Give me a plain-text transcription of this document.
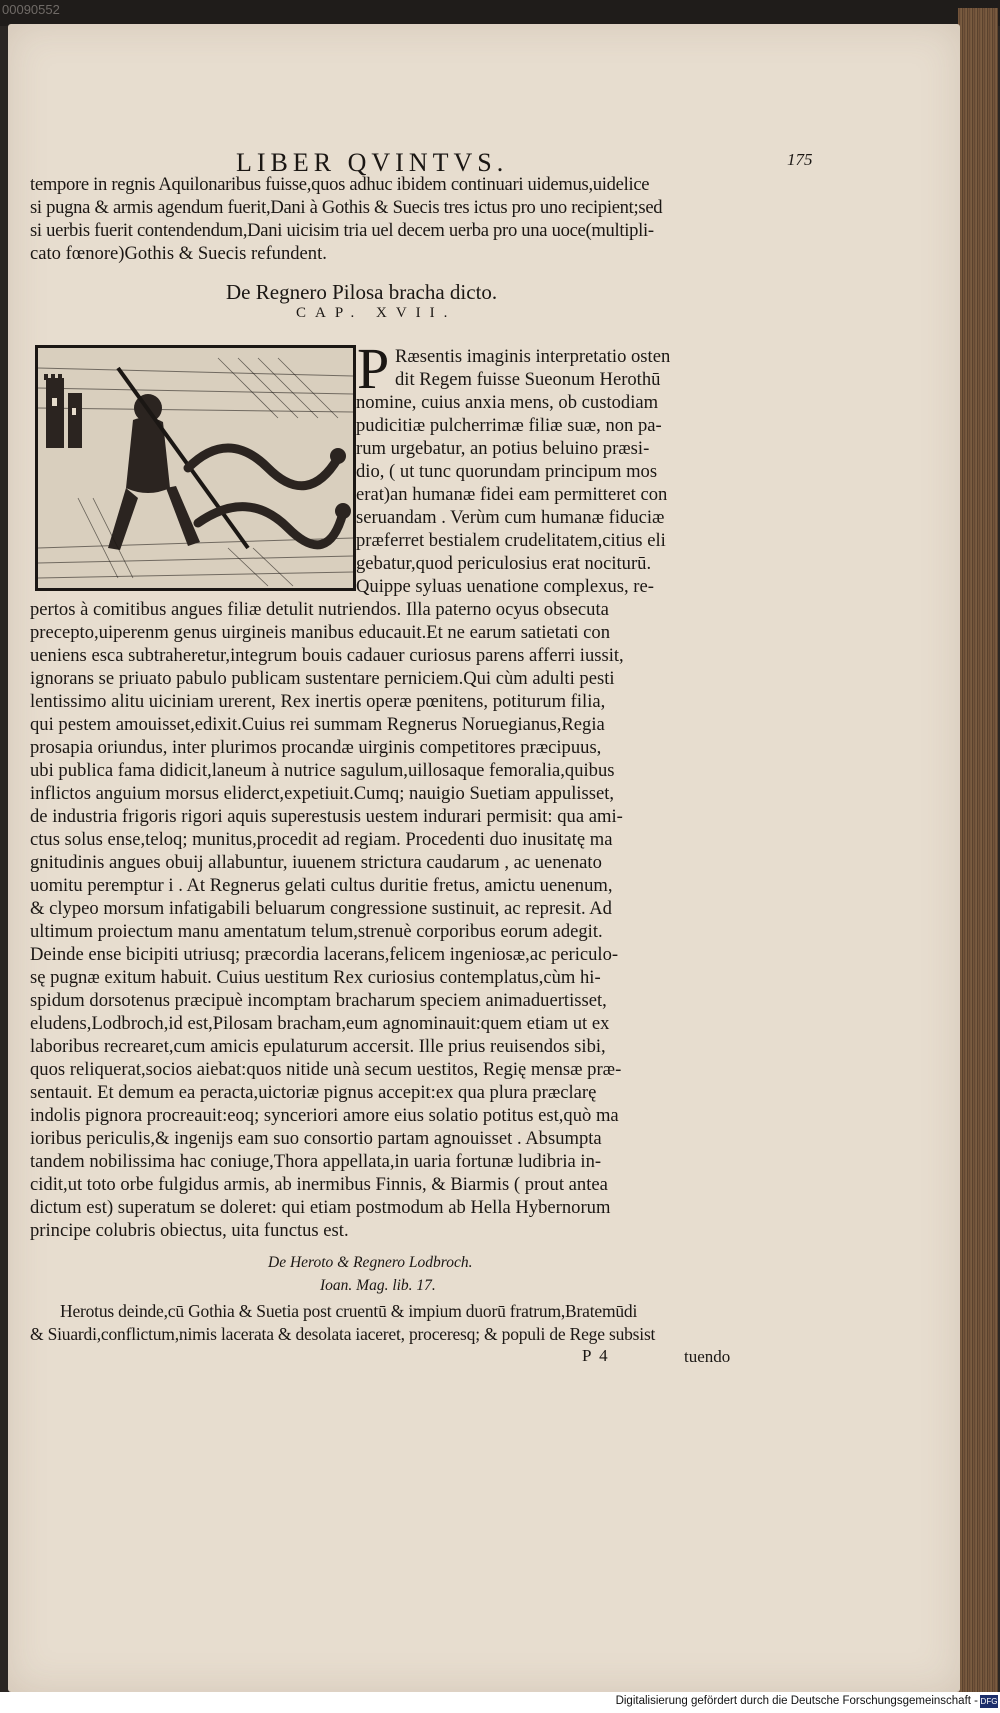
00090552
LIBER QVINTVS.	175
tempore in regnis Aquilonaribus fuisse,quos adhuc ibidem continuari uidemus,uidelice
si pugna & armis agendum fuerit,Dani à Gothis & Suecis tres ictus pro uno recipient;sed
si uerbis fuerit contendendum,Dani uicisim tria uel decem uerba pro una uoce(multipli-
cato fœnore)Gothis & Suecis refundent.
De Regnero Pilosa bracha dicto.
CAP. XVII.
P Ræsentis imaginis interpretatio osten
dit Regem fuisse Sueonum Herothū
nomine, cuius anxia mens, ob custodiam
pudicitiæ pulcherrimæ filiæ suæ, non pa-
rum urgebatur, an potius beluino præsi-
dio, ( ut tunc quorundam principum mos
erat)an humanæ fidei eam permitteret con
seruandam . Verùm cum humanæ fiduciæ
præferret bestialem crudelitatem,citius eli
gebatur,quod periculosius erat nociturū.
Quippe syluas uenatione complexus, re-
pertos à comitibus angues filiæ detulit nutriendos. Illa paterno ocyus obsecuta
precepto,uiperenm genus uirgineis manibus educauit.Et ne earum satietati con
ueniens esca subtraheretur,integrum bouis cadauer curiosus parens afferri iussit,
ignorans se priuato pabulo publicam sustentare perniciem.Qui cùm adulti pesti
lentissimo alitu uiciniam urerent, Rex inertis operæ pœnitens, potiturum filia,
qui pestem amouisset,edixit.Cuius rei summam Regnerus Noruegianus,Regia
prosapia oriundus, inter plurimos procandæ uirginis competitores præcipuus,
ubi publica fama didicit,laneum à nutrice sagulum,uillosaque femoralia,quibus
inflictos anguium morsus eliderct,expetiuit.Cumq; nauigio Suetiam appulisset,
de industria frigoris rigori aquis superestusis uestem indurari permisit: qua ami-
ctus solus ense,teloq; munitus,procedit ad regiam. Procedenti duo inusitatę ma
gnitudinis angues obuij allabuntur, iuuenem strictura caudarum , ac uenenato
uomitu peremptur i . At Regnerus gelati cultus duritie fretus, amictu uenenum,
& clypeo morsum infatigabili beluarum congressione sustinuit, ac represit. Ad
ultimum proiectum manu amentatum telum,strenuè corporibus eorum adegit.
Deinde ense bicipiti utriusq; præcordia lacerans,felicem ingeniosæ,ac periculo-
sę pugnæ exitum habuit. Cuius uestitum Rex curiosius contemplatus,cùm hi-
spidum dorsotenus præcipuè incomptam bracharum speciem animaduertisset,
eludens,Lodbroch,id est,Pilosam bracham,eum agnominauit:quem etiam ut ex
laboribus recrearet,cum amicis epulaturum accersit. Ille prius reuisendos sibi,
quos reliquerat,socios aiebat:quos nitide unà secum uestitos, Regię mensæ præ-
sentauit. Et demum ea peracta,uictoriæ pignus accepit:ex qua plura præclarę
indolis pignora procreauit:eoq; synceriori amore eius solatio potitus est,quò ma
ioribus periculis,& ingenijs eam suo consortio partam agnouisset . Absumpta
tandem nobilissima hac coniuge,Thora appellata,in uaria fortunæ ludibria in-
cidit,ut toto orbe fulgidus armis, ab inermibus Finnis, & Biarmis ( prout antea
dictum est) superatum se doleret: qui etiam postmodum ab Hella Hybernorum
principe colubris obiectus, uita functus est.
De Heroto & Regnero Lodbroch.
Ioan. Mag. lib. 17.
Herotus deinde,cū Gothia & Suetia post cruentū & impium duorū fratrum,Bratemūdi
& Siuardi,conflictum,nimis lacerata & desolata iaceret, proceresq; & populi de Rege subsist
P 4	tuendo
Digitalisierung gefördert durch die Deutsche Forschungsgemeinschaft - DFG
